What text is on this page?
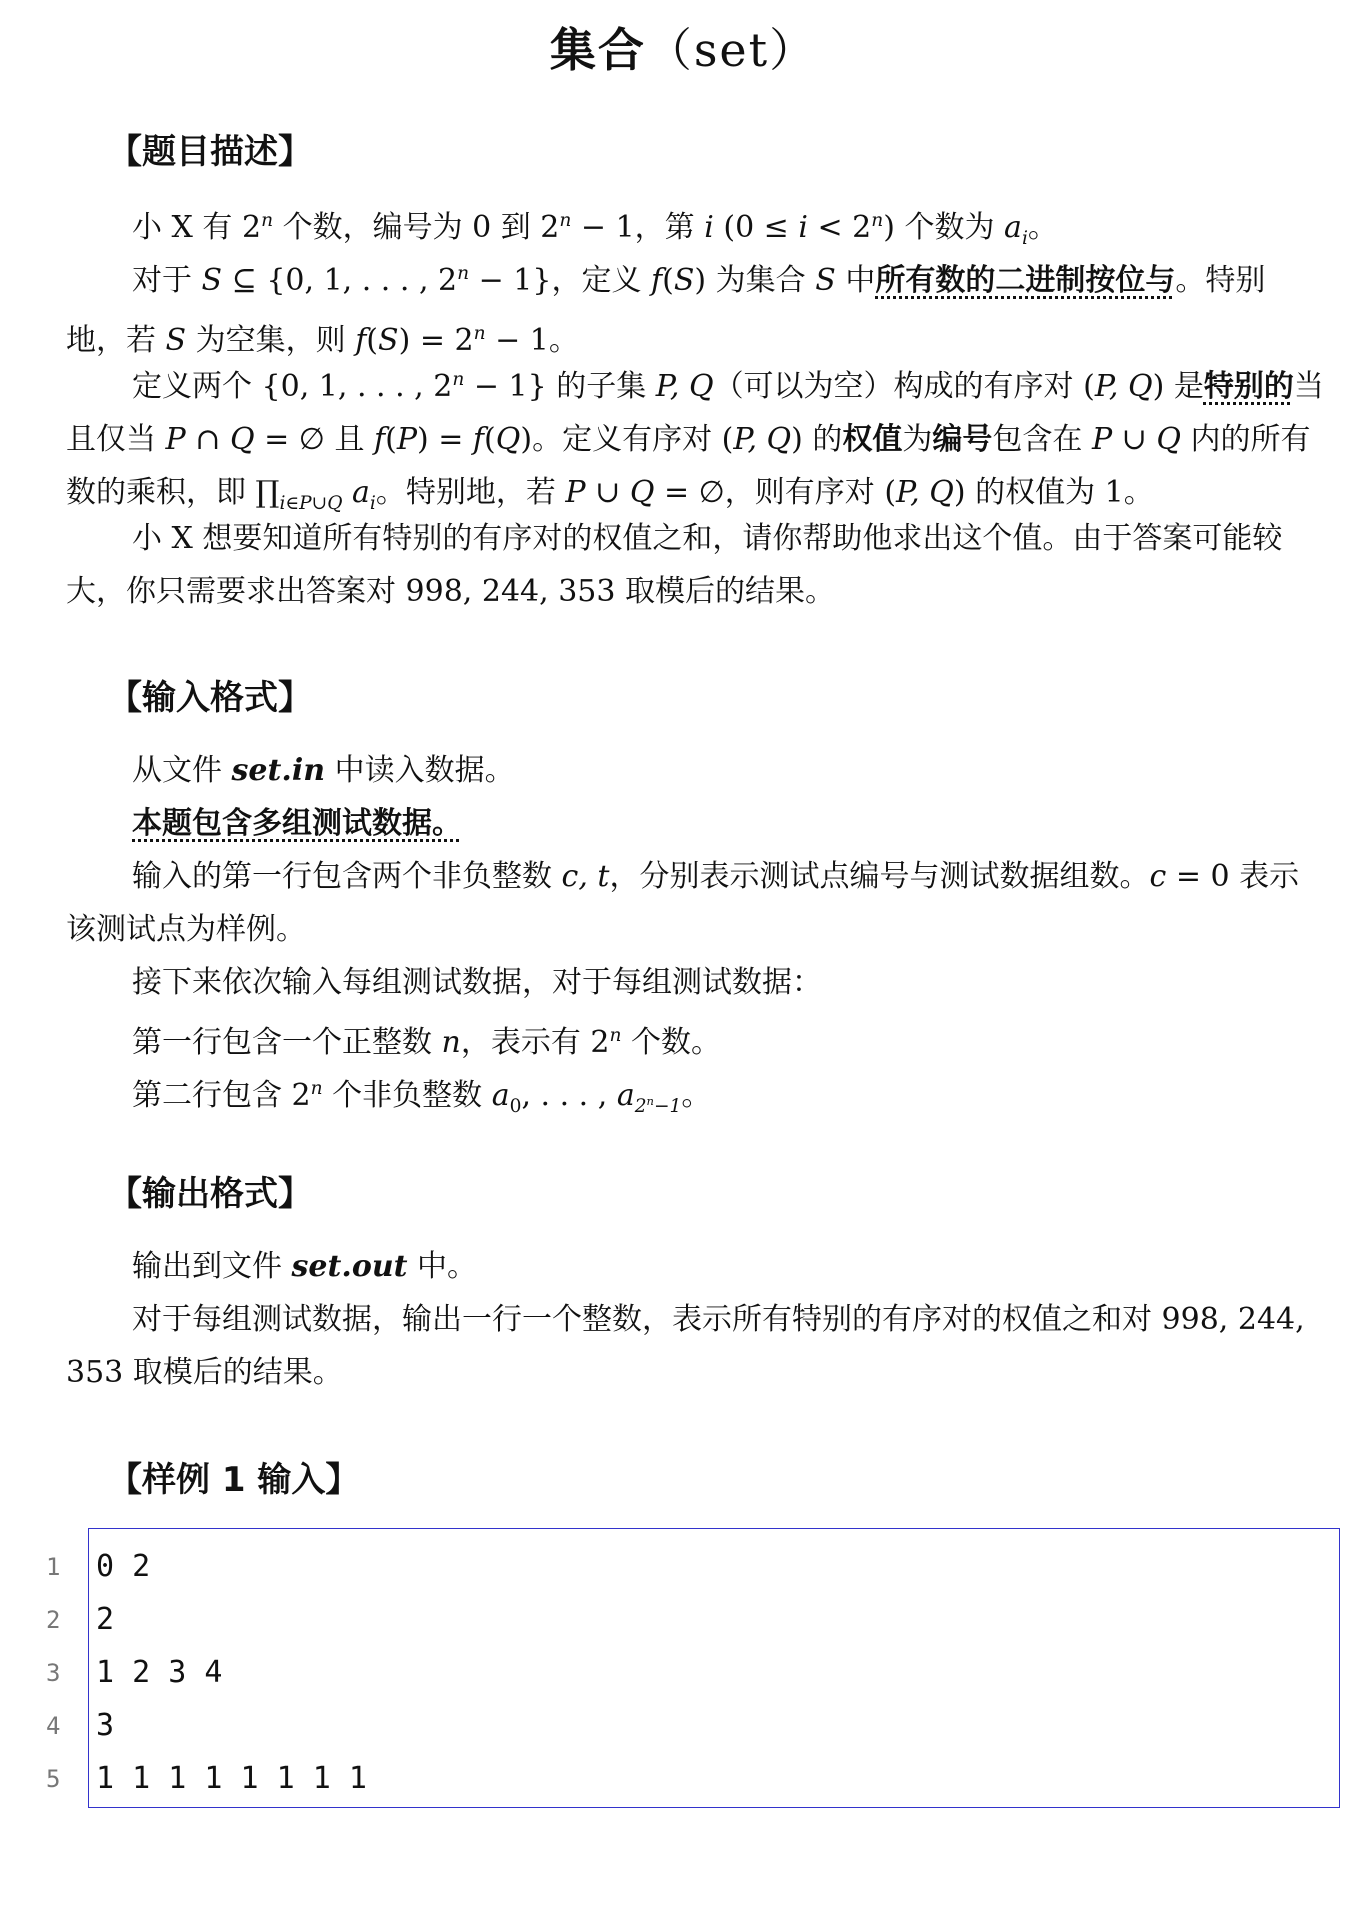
集合（set）
【题目描述】
小 X 有 2$^n$ 个数，编号为 0 到 $2^n - 1$，第 i $(0 \le i < 2^n)$ 个数为 $a_i$。
对于 S ⊆ {0, 1, . . . , $2^n - 1$}，定义 f(S) 为集合 S 中所有数的二进制按位与。特别地，若 S 为空集，则 $f(S) = 2^n - 1$。
定义两个 {0, 1, . . . , $2^n - 1$} 的子集 P, Q（可以为空）构成的有序对 (P, Q) 是特别的当且仅当 P ∩ Q = ∅ 且 f(P) = f(Q)。定义有序对 (P, Q) 的权值为编号包含在 P ∪ Q 内的所有数的乘积，即 $\prod_{i\in P\cup Q}$ $a_i$。特别地，若 P ∪ Q = ∅，则有序对 (P, Q) 的权值为 1。
小 X 想要知道所有特别的有序对的权值之和，请你帮助他求出这个值。由于答案可能较大，你只需要求出答案对 998, 244, 353 取模后的结果。
【输入格式】
从文件 set.in 中读入数据。
本题包含多组测试数据。
输入的第一行包含两个非负整数 c, t，分别表示测试点编号与测试数据组数。c = 0 表示该测试点为样例。
接下来依次输入每组测试数据，对于每组测试数据：
第一行包含一个正整数 n，表示有 2$^n$ 个数。
第二行包含 2$^n$ 个非负整数 $a_0$, . . . , $a_{2^n-1}$。
【输出格式】
输出到文件 set.out 中。
对于每组测试数据，输出一行一个整数，表示所有特别的有序对的权值之和对 998, 244, 353 取模后的结果。
【样例 1 输入】
1	0 2
2	2
3	1 2 3 4
4	3
5	1 1 1 1 1 1 1 1
